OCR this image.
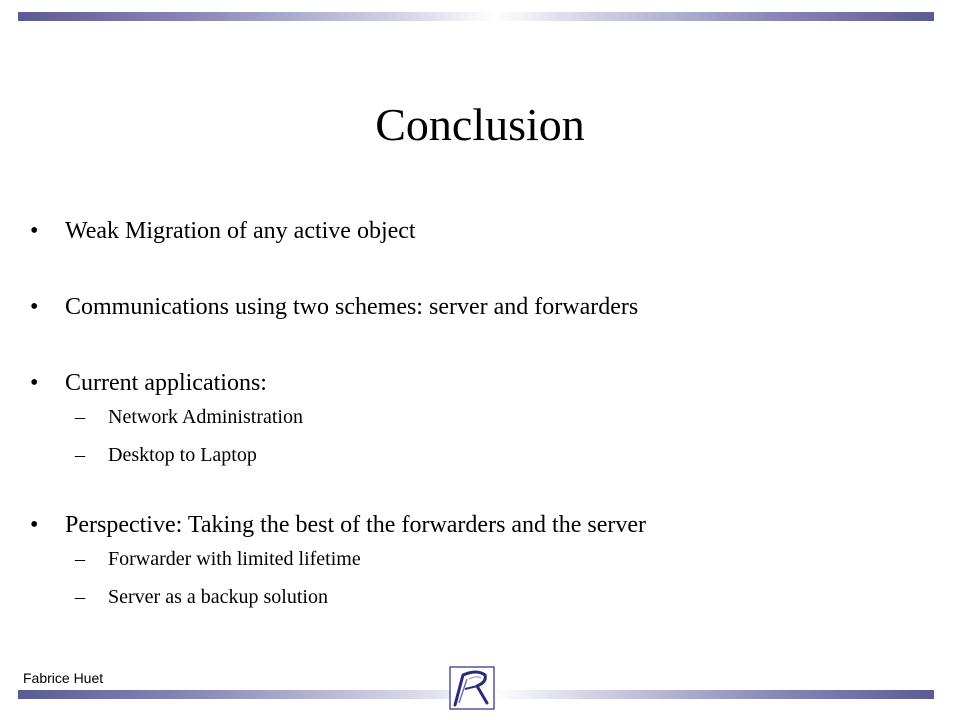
Conclusion
• Weak Migration of any active object
• Communications using two schemes: server and forwarders
• Current applications:
– Network Administration
– Desktop to Laptop
• Perspective: Taking the best of the forwarders and the server
– Forwarder with limited lifetime
– Server as a backup solution
Fabrice Huet
